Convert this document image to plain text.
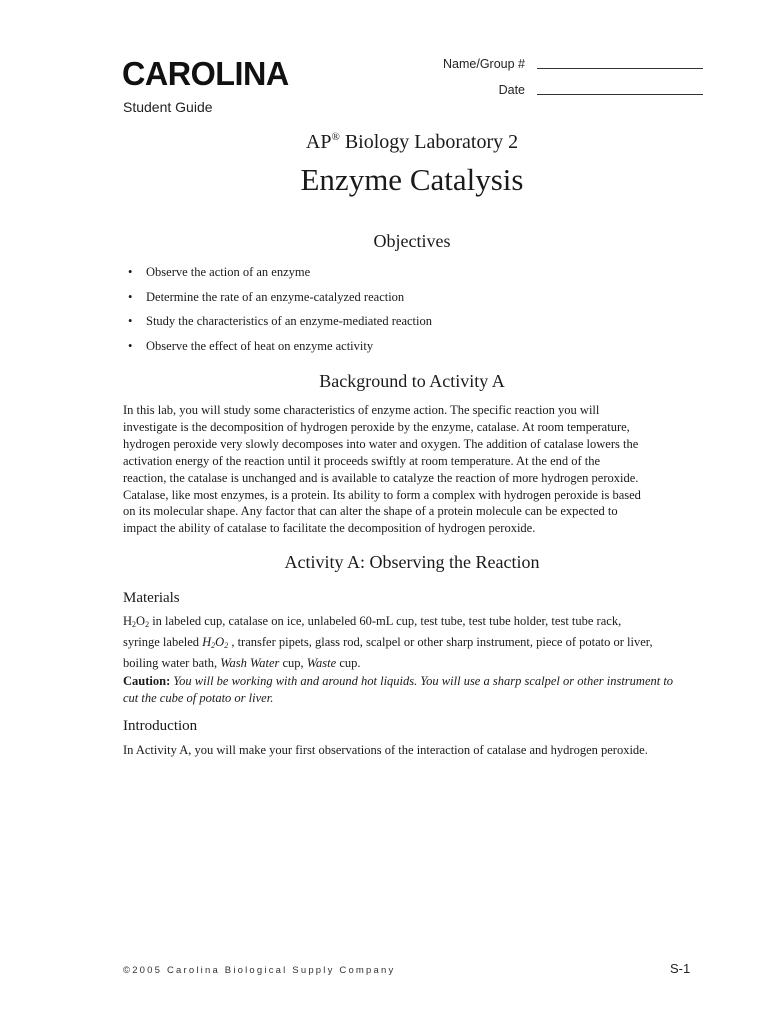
CAROLINA
Student Guide
Name/Group #
Date
AP® Biology Laboratory 2
Enzyme Catalysis
Objectives
• Observe the action of an enzyme
• Determine the rate of an enzyme-catalyzed reaction
• Study the characteristics of an enzyme-mediated reaction
• Observe the effect of heat on enzyme activity
Background to Activity A
In this lab, you will study some characteristics of enzyme action. The specific reaction you will
investigate is the decomposition of hydrogen peroxide by the enzyme, catalase. At room temperature,
hydrogen peroxide very slowly decomposes into water and oxygen. The addition of catalase lowers the
activation energy of the reaction until it proceeds swiftly at room temperature. At the end of the
reaction, the catalase is unchanged and is available to catalyze the reaction of more hydrogen peroxide.
Catalase, like most enzymes, is a protein. Its ability to form a complex with hydrogen peroxide is based
on its molecular shape. Any factor that can alter the shape of a protein molecule can be expected to
impact the ability of catalase to facilitate the decomposition of hydrogen peroxide.
Activity A: Observing the Reaction
Materials
$H_2O_2$ in labeled cup, catalase on ice, unlabeled 60-mL cup, test tube, test tube holder, test tube rack,
syringe labeled $H_2O_2$ , transfer pipets, glass rod, scalpel or other sharp instrument, piece of potato or liver,
boiling water bath, Wash Water cup, Waste cup.
Caution: You will be working with and around hot liquids. You will use a sharp scalpel or other instrument to
cut the cube of potato or liver.
Introduction
In Activity A, you will make your first observations of the interaction of catalase and hydrogen peroxide.
©2005 Carolina Biological Supply Company	S-1
